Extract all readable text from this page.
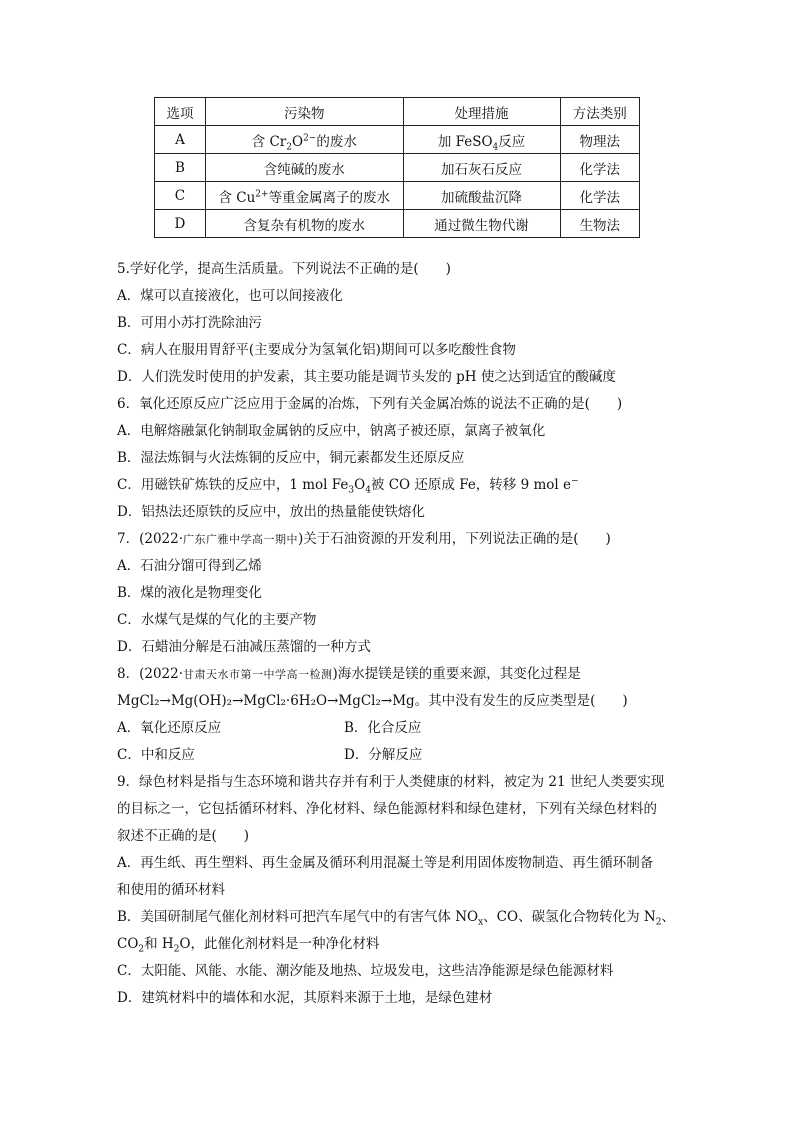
选项	污染物	处理措施	方法类别
A	含 $Cr_2O^{2-}$的废水	加 FeSO$_4$反应	物理法
B	含纯碱的废水	加石灰石反应	化学法
C	含 $Cu^{2+}$等重金属离子的废水	加硫酸盐沉降	化学法
D	含复杂有机物的废水	通过微生物代谢	生物法
5.学好化学，提高生活质量。下列说法不正确的是(　　)
A．煤可以直接液化，也可以间接液化
B．可用小苏打洗除油污
C．病人在服用胃舒平(主要成分为氢氧化铝)期间可以多吃酸性食物
D．人们洗发时使用的护发素，其主要功能是调节头发的 pH 使之达到适宜的酸碱度
6．氧化还原反应广泛应用于金属的冶炼，下列有关金属冶炼的说法不正确的是(　　)
A．电解熔融氯化钠制取金属钠的反应中，钠离子被还原，氯离子被氧化
B．湿法炼铜与火法炼铜的反应中，铜元素都发生还原反应
C．用磁铁矿炼铁的反应中，1 mol $Fe_3O_4$被 CO 还原成 Fe，转移 9 mol e−
D．铝热法还原铁的反应中，放出的热量能使铁熔化
7．(2022·广东广雅中学高一期中)关于石油资源的开发利用，下列说法正确的是(　　)
A．石油分馏可得到乙烯
B．煤的液化是物理变化
C．水煤气是煤的气化的主要产物
D．石蜡油分解是石油减压蒸馏的一种方式
8．(2022·甘肃天水市第一中学高一检测)海水提镁是镁的重要来源，其变化过程是
MgCl₂→Mg(OH)₂→MgCl₂·6H₂O→MgCl₂→Mg。其中没有发生的反应类型是(　　)
A．氧化还原反应	B．化合反应
C．中和反应	D．分解反应
9．绿色材料是指与生态环境和谐共存并有利于人类健康的材料，被定为 21 世纪人类要实现
的目标之一，它包括循环材料、净化材料、绿色能源材料和绿色建材，下列有关绿色材料的
叙述不正确的是(　　)
A．再生纸、再生塑料、再生金属及循环利用混凝土等是利用固体废物制造、再生循环制备
和使用的循环材料
B．美国研制尾气催化剂材料可把汽车尾气中的有害气体 $NO_x$、CO、碳氢化合物转化为 $N_2$、
$CO_2$和 $H_2O$，此催化剂材料是一种净化材料
C．太阳能、风能、水能、潮汐能及地热、垃圾发电，这些洁净能源是绿色能源材料
D．建筑材料中的墙体和水泥，其原料来源于土地，是绿色建材
